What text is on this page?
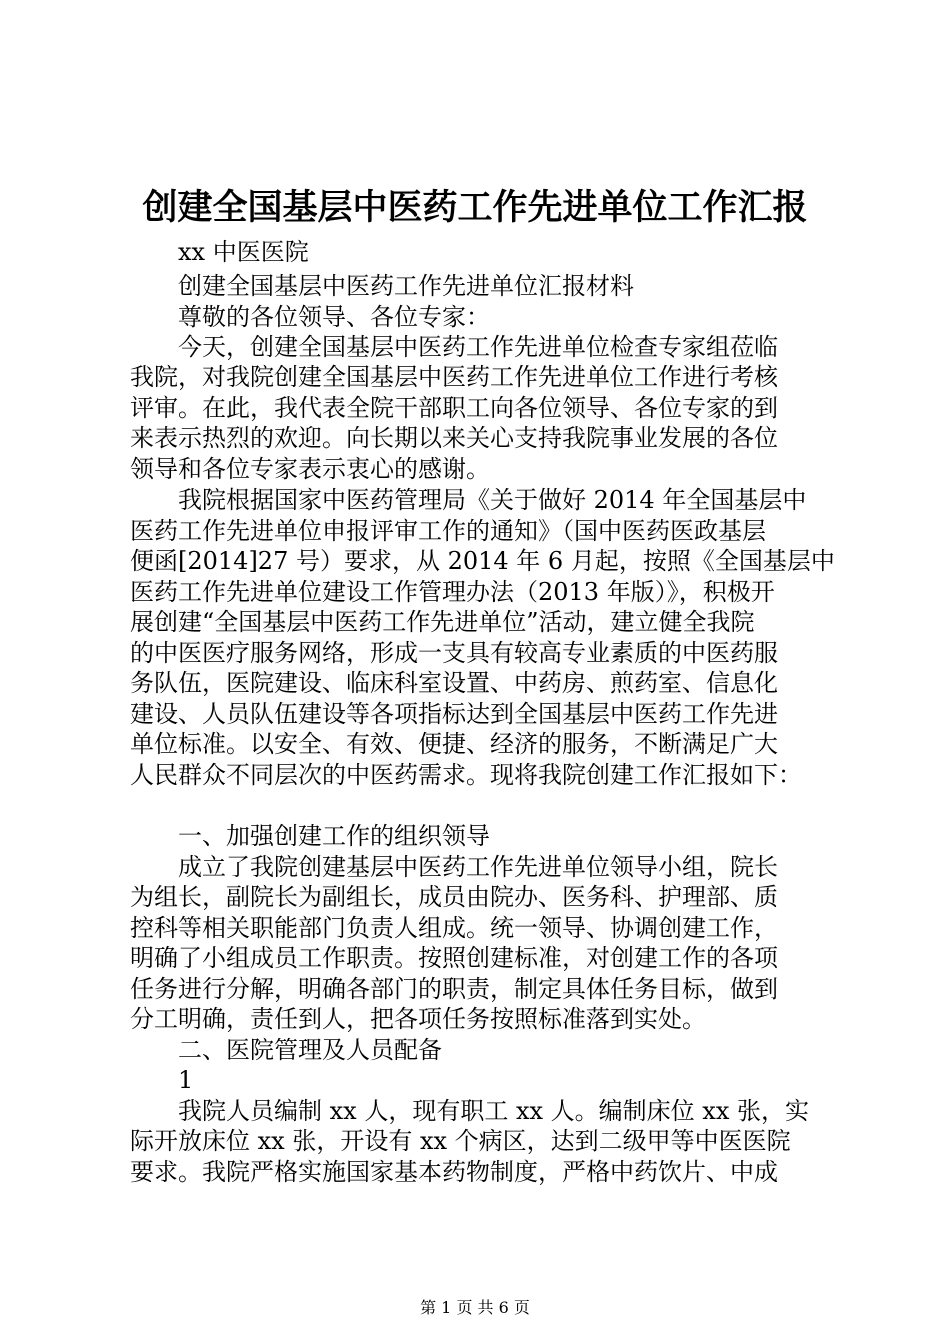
创建全国基层中医药工作先进单位工作汇报

xx 中医医院

创建全国基层中医药工作先进单位汇报材料

尊敬的各位领导、各位专家：

今天，创建全国基层中医药工作先进单位检查专家组莅临

我院，对我院创建全国基层中医药工作先进单位工作进行考核

评审。在此，我代表全院干部职工向各位领导、各位专家的到

来表示热烈的欢迎。向长期以来关心支持我院事业发展的各位

领导和各位专家表示衷心的感谢。

我院根据国家中医药管理局《关于做好 2014 年全国基层中

医药工作先进单位申报评审工作的通知》（国中医药医政基层

便函[2014]27 号）要求，从 2014 年 6 月起，按照《全国基层中

医药工作先进单位建设工作管理办法（2013 年版）》，积极开

展创建“全国基层中医药工作先进单位”活动，建立健全我院

的中医医疗服务网络，形成一支具有较高专业素质的中医药服

务队伍，医院建设、临床科室设置、中药房、煎药室、信息化

建设、人员队伍建设等各项指标达到全国基层中医药工作先进

单位标准。以安全、有效、便捷、经济的服务，不断满足广大

人民群众不同层次的中医药需求。现将我院创建工作汇报如下：

一、加强创建工作的组织领导

成立了我院创建基层中医药工作先进单位领导小组，院长

为组长，副院长为副组长，成员由院办、医务科、护理部、质

控科等相关职能部门负责人组成。统一领导、协调创建工作，

明确了小组成员工作职责。按照创建标准，对创建工作的各项

任务进行分解，明确各部门的职责，制定具体任务目标，做到

分工明确，责任到人，把各项任务按照标准落到实处。

二、医院管理及人员配备

1

我院人员编制 xx 人，现有职工 xx 人。编制床位 xx 张，实

际开放床位 xx 张，开设有 xx 个病区，达到二级甲等中医医院

要求。我院严格实施国家基本药物制度，严格中药饮片、中成

第 1 页 共 6 页
